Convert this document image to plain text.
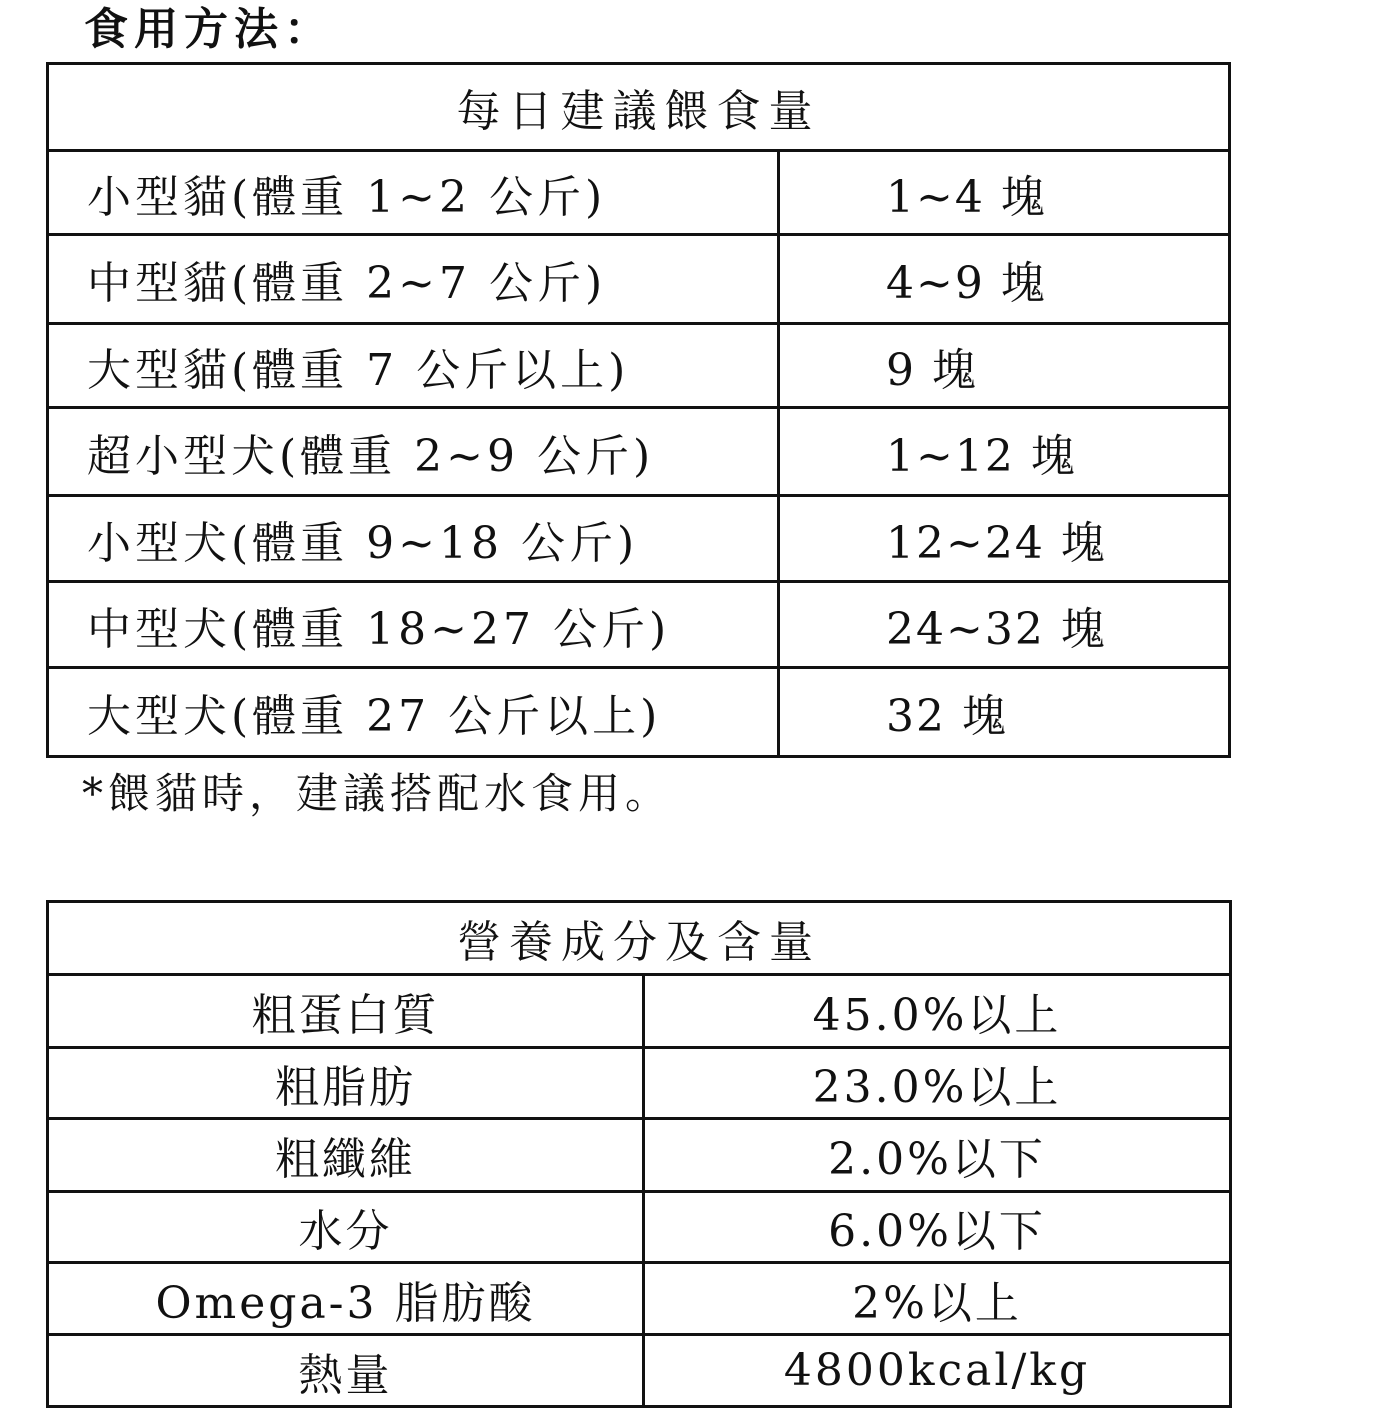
食用方法：
每日建議餵食量	
小型貓(體重 1~2 公斤)	1~4 塊
中型貓(體重 2~7 公斤)	4~9 塊
大型貓(體重 7 公斤以上)	9 塊
超小型犬(體重 2~9 公斤)	1~12 塊
小型犬(體重 9~18 公斤)	12~24 塊
中型犬(體重 18~27 公斤)	24~32 塊
大型犬(體重 27 公斤以上)	32 塊

*餵貓時，建議搭配水食用。

營養成分及含量	
粗蛋白質	45.0%以上
粗脂肪	23.0%以上
粗纖維	2.0%以下
水分	6.0%以下
Omega-3 脂肪酸	2%以上
熱量	4800kcal/kg
